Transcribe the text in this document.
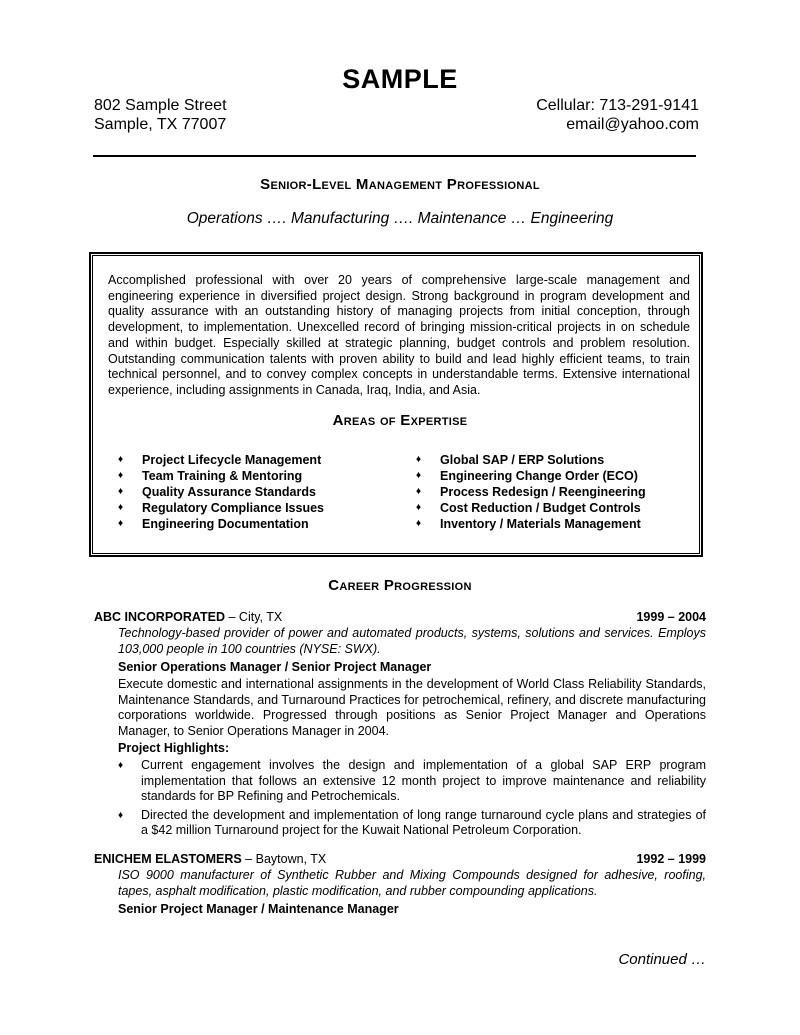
SAMPLE
802 Sample Street
Sample, TX 77007
Cellular: 713-291-9141
email@yahoo.com
Senior-Level Management Professional
Operations …. Manufacturing …. Maintenance … Engineering
Accomplished professional with over 20 years of comprehensive large-scale management and engineering experience in diversified project design. Strong background in program development and quality assurance with an outstanding history of managing projects from initial conception, through development, to implementation. Unexcelled record of bringing mission-critical projects in on schedule and within budget. Especially skilled at strategic planning, budget controls and problem resolution. Outstanding communication talents with proven ability to build and lead highly efficient teams, to train technical personnel, and to convey complex concepts in understandable terms. Extensive international experience, including assignments in Canada, Iraq, India, and Asia.
Areas of Expertise
♦ Project Lifecycle Management
♦ Team Training & Mentoring
♦ Quality Assurance Standards
♦ Regulatory Compliance Issues
♦ Engineering Documentation
♦ Global SAP / ERP Solutions
♦ Engineering Change Order (ECO)
♦ Process Redesign / Reengineering
♦ Cost Reduction / Budget Controls
♦ Inventory / Materials Management
Career Progression
ABC INCORPORATED – City, TX	1999 – 2004
Technology-based provider of power and automated products, systems, solutions and services. Employs 103,000 people in 100 countries (NYSE: SWX).
Senior Operations Manager / Senior Project Manager
Execute domestic and international assignments in the development of World Class Reliability Standards, Maintenance Standards, and Turnaround Practices for petrochemical, refinery, and discrete manufacturing corporations worldwide. Progressed through positions as Senior Project Manager and Operations Manager, to Senior Operations Manager in 2004.
Project Highlights:
♦ Current engagement involves the design and implementation of a global SAP ERP program implementation that follows an extensive 12 month project to improve maintenance and reliability standards for BP Refining and Petrochemicals.
♦ Directed the development and implementation of long range turnaround cycle plans and strategies of a $42 million Turnaround project for the Kuwait National Petroleum Corporation.
ENICHEM ELASTOMERS – Baytown, TX	1992 – 1999
ISO 9000 manufacturer of Synthetic Rubber and Mixing Compounds designed for adhesive, roofing, tapes, asphalt modification, plastic modification, and rubber compounding applications.
Senior Project Manager / Maintenance Manager
Continued …
